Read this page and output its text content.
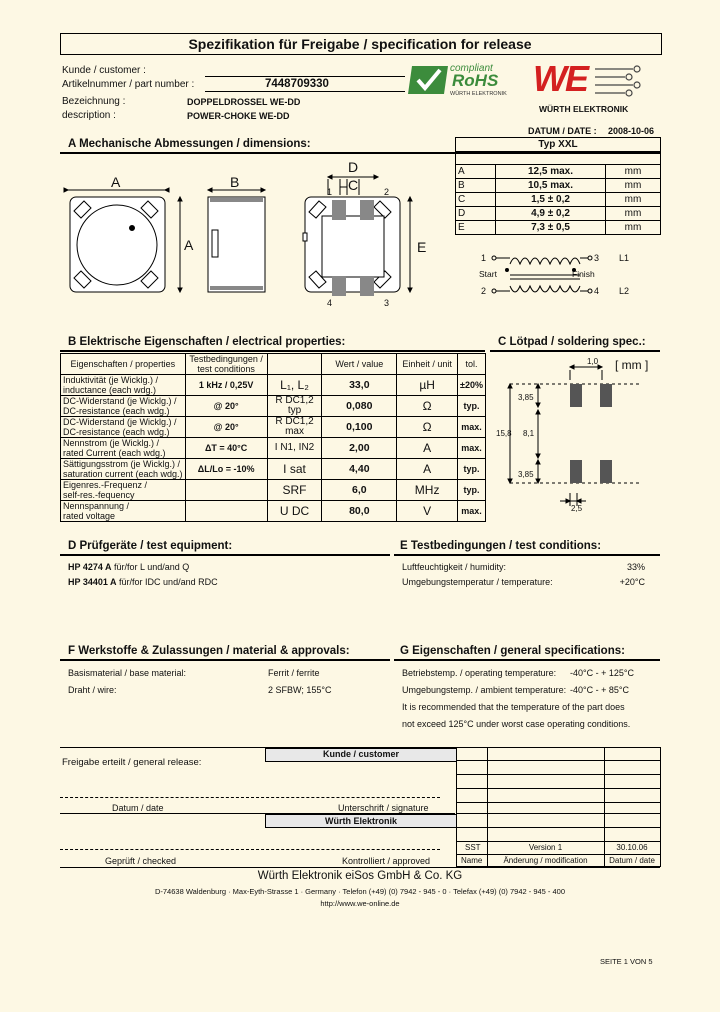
Spezifikation für Freigabe / specification for release
Kunde / customer :
Artikelnummer / part number :	7448709330
Bezeichnung :	DOPPELDROSSEL WE-DD
description :	POWER-CHOKE WE-DD
compliant
RoHS
WÜRTH ELEKTRONIK WE
WÜRTH ELEKTRONIK
DATUM / DATE : 2008-10-06
A Mechanische Abmessungen / dimensions:
A
A
B
D
C
E
1	2
4	3
Typ XXL		

A	12,5 max.	mm
B	10,5 max.	mm
C	1,5 ± 0,2	mm
D	4,9 ± 0,2	mm
E	7,3 ± 0,5	mm
1	3
2	4
Start	Finish
L1
L2
B Elektrische Eigenschaften / electrical properties:
Eigenschaften / properties	Testbedingungen / test conditions		Wert / value	Einheit / unit	tol.

Induktivität (je Wicklg.) /
inductance (each wdg.)	1 kHz / 0,25V	L₁, L₂	33,0	µH	±20%

DC-Widerstand (je Wicklg.) /
DC-resistance (each wdg.)	@ 20°	R DC1,2 typ	0,080	Ω	typ.

DC-Widerstand (je Wicklg.) /
DC-resistance (each wdg.)	@ 20°	R DC1,2 max	0,100	Ω	max.

Nennstrom (je Wicklg.) /
rated Current (each wdg.)	ΔT = 40°C	I N1, IN2	2,00	A	max.

Sättigungsstrom (je Wicklg.) /
saturation current (each wdg.)	ΔL/Lo = -10%	I sat	4,40	A	typ.

Eigenres.-Frequenz /
self-res.-fequency		SRF	6,0	MHz	typ.

Nennspannung /
rated voltage		U DC	80,0	V	max.
C Lötpad / soldering spec.:
[ mm ]
1,0
3,85
15,8 8,1
3,85
2,5
D Prüfgeräte / test equipment:
HP 4274 A für/for L und/and Q
HP 34401 A für/for IDC und/and RDC
E Testbedingungen / test conditions:
Luftfeuchtigkeit / humidity:	33%
Umgebungstemperatur / temperature:	+20°C
F Werkstoffe & Zulassungen / material & approvals:
Basismaterial / base material:	Ferrit / ferrite
Draht / wire:	2 SFBW; 155°C
G Eigenschaften / general specifications:
Betriebstemp. / operating temperature: -40°C - + 125°C
Umgebungstemp. / ambient temperature: -40°C - + 85°C
It is recommended that the temperature of the part does
not exceed 125°C under worst case operating conditions.
Kunde / customer
Freigabe erteilt / general release:
Datum / date	Unterschrift / signature
Würth Elektronik
Geprüft / checked	Kontrolliert / approved
SST	Version 1	30.10.06
Name	Änderung / modification	Datum / date
Würth Elektronik eiSos GmbH & Co. KG
D-74638 Waldenburg · Max-Eyth-Strasse 1 · Germany · Telefon (+49) (0) 7942 - 945 - 0 · Telefax (+49) (0) 7942 - 945 - 400
http://www.we-online.de
SEITE 1 VON 5
